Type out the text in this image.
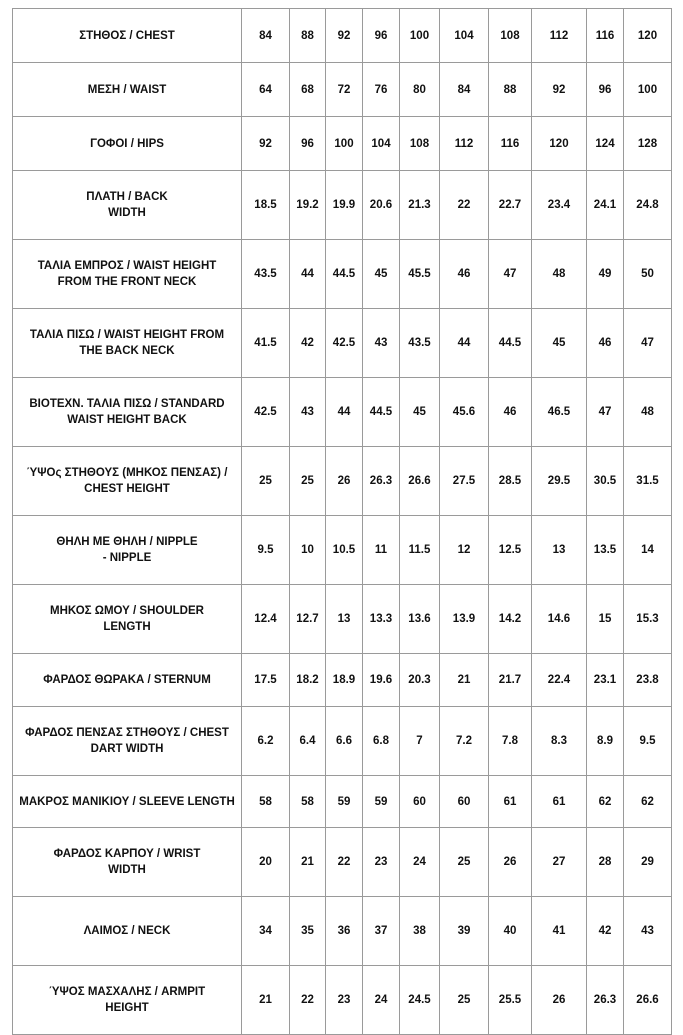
ΣΤΗΘΟΣ / CHEST	84	88	92	96	100	104	108	112	116	120
ΜΕΣΗ / WAIST	64	68	72	76	80	84	88	92	96	100
ΓΟΦΟΙ / HIPS	92	96	100	104	108	112	116	120	124	128
ΠΛΑΤΗ / BACK
WIDTH	18.5	19.2	19.9	20.6	21.3	22	22.7	23.4	24.1	24.8
ΤΑΛΙΑ ΕΜΠΡΟΣ / WAIST HEIGHT
FROM THE FRONT NECK	43.5	44	44.5	45	45.5	46	47	48	49	50
ΤΑΛΙΑ ΠΙΣΩ / WAIST HEIGHT FROM
THE BACK NECK	41.5	42	42.5	43	43.5	44	44.5	45	46	47
ΒΙΟΤΕΧΝ. ΤΑΛΙΑ ΠΙΣΩ / STANDARD
WAIST HEIGHT BACK	42.5	43	44	44.5	45	45.6	46	46.5	47	48
ΎΨΟς ΣΤΗΘΟΥΣ (ΜΗΚΟΣ ΠΕΝΣΑΣ) /
CHEST HEIGHT	25	25	26	26.3	26.6	27.5	28.5	29.5	30.5	31.5
ΘΗΛΗ ΜΕ ΘΗΛΗ / NIPPLE
- NIPPLE	9.5	10	10.5	11	11.5	12	12.5	13	13.5	14
ΜΗΚΟΣ ΩΜΟΥ / SHOULDER
LENGTH	12.4	12.7	13	13.3	13.6	13.9	14.2	14.6	15	15.3
ΦΑΡΔΟΣ ΘΩΡΑΚΑ / STERNUM	17.5	18.2	18.9	19.6	20.3	21	21.7	22.4	23.1	23.8
ΦΑΡΔΟΣ ΠΕΝΣΑΣ ΣΤΗΘΟΥΣ / CHEST
DART WIDTH	6.2	6.4	6.6	6.8	7	7.2	7.8	8.3	8.9	9.5
ΜΑΚΡΟΣ ΜΑΝΙΚΙΟΥ / SLEEVE LENGTH	58	58	59	59	60	60	61	61	62	62
ΦΑΡΔΟΣ ΚΑΡΠΟΥ / WRIST
WIDTH	20	21	22	23	24	25	26	27	28	29
ΛΑΙΜΟΣ / NECK	34	35	36	37	38	39	40	41	42	43
ΎΨΟΣ ΜΑΣΧΑΛΗΣ / ARMPIT
HEIGHT	21	22	23	24	24.5	25	25.5	26	26.3	26.6
